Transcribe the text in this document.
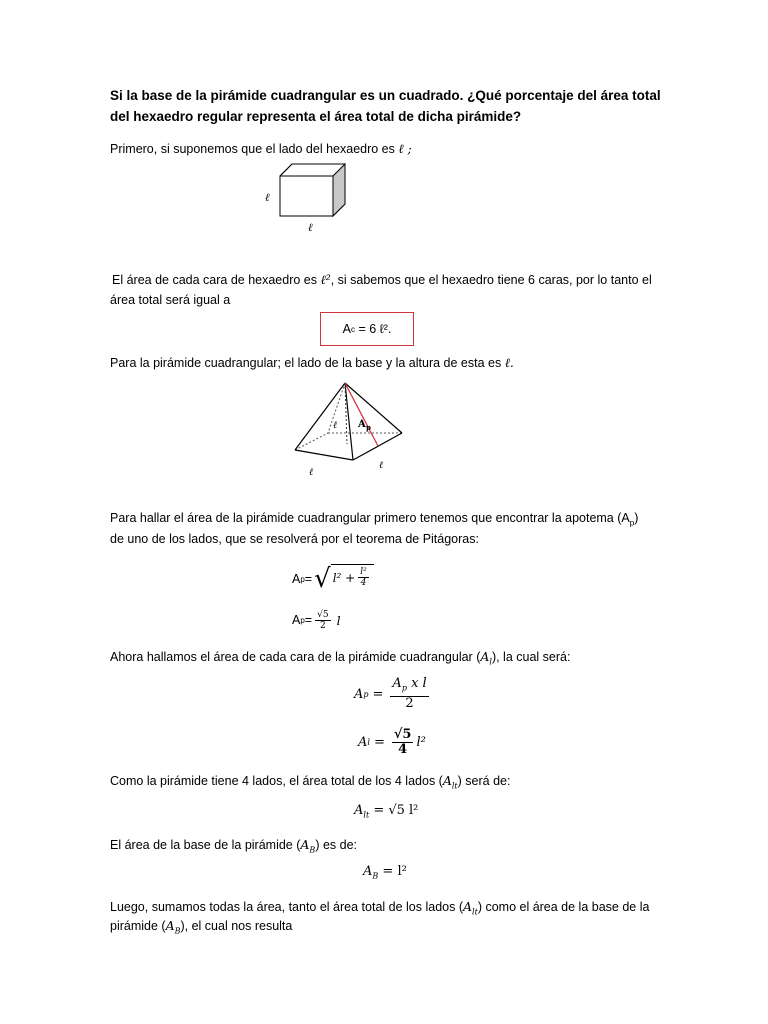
Si la base de la pirámide cuadrangular es un cuadrado. ¿Qué porcentaje del área total
del hexaedro regular representa el área total de dicha pirámide?
Primero, si suponemos que el lado del hexaedro es ℓ ;
ℓ
ℓ
El área de cada cara de hexaedro es ℓ², si sabemos que el hexaedro tiene 6 caras, por lo tanto el
área total será igual a
A c
= 6 ℓ².
Para la pirámide cuadrangular; el lado de la base y la altura de esta es ℓ.
ℓ A p
ℓ
ℓ
Para hallar el área de la pirámide cuadrangular primero tenemos que encontrar la apotema $(A_p)$
de uno de los lados, que se resolverá por el teorema de Pitágoras:
A p = √ $l^2 + \frac{\text{l²}}{4}$
A $p = \frac{√5}{2}$ l
Ahora hallamos el área de cada cara de la pirámide cuadrangular $(A_l)$, la cual será:
A $p = \frac{A_p x l}{2}$
A $l = \frac{√5}{4} l^2$
Como la pirámide tiene 4 lados, el área total de los 4 lados $(A_{lt})$ será de:
$A_{lt} = √5$ l²
El área de la base de la pirámide $(A_B)$ es de:
$A_B = l^2$
Luego, sumamos todas la área, tanto el área total de los lados $(A_{lt})$ como el área de la base de la
pirámide $(A_B)$, el cual nos resulta
